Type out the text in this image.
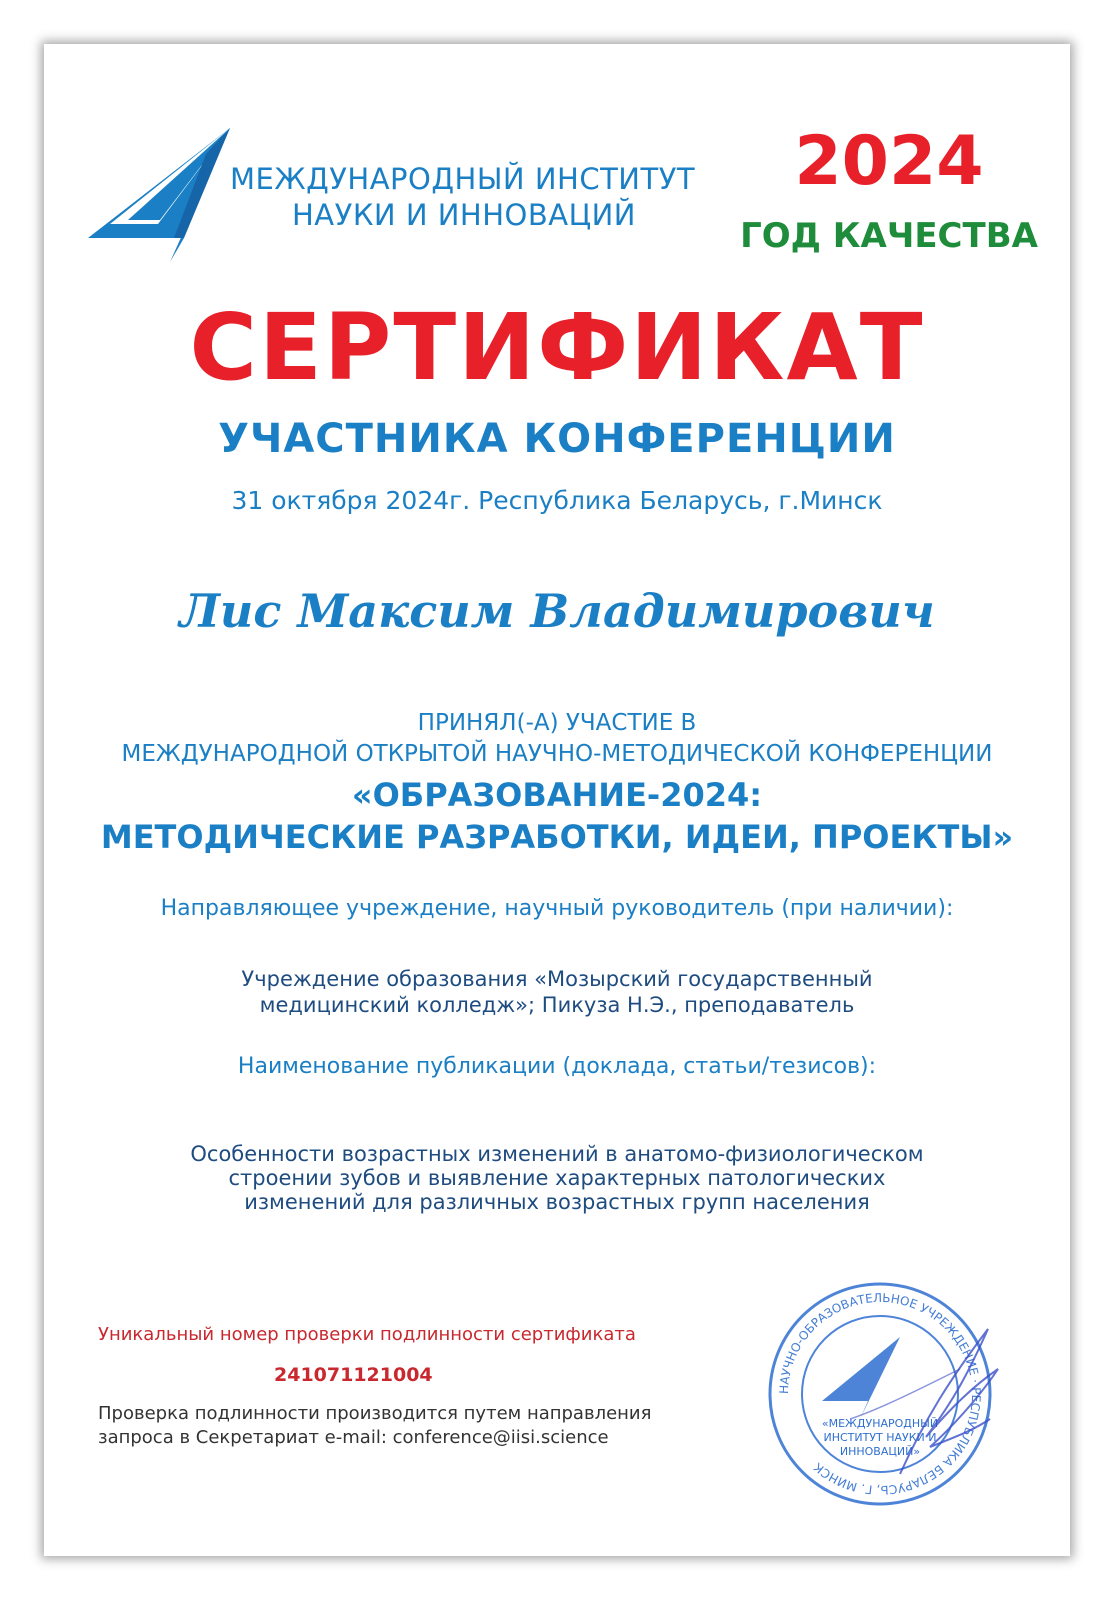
МЕЖДУНАРОДНЫЙ ИНСТИТУТ
НАУКИ И ИННОВАЦИЙ
2024
ГОД КАЧЕСТВА
СЕРТИФИКАТ
УЧАСТНИКА КОНФЕРЕНЦИИ
31 октября 2024г. Республика Беларусь, г.Минск
Лис Максим Владимирович
ПРИНЯЛ(-А) УЧАСТИЕ В
МЕЖДУНАРОДНОЙ ОТКРЫТОЙ НАУЧНО-МЕТОДИЧЕСКОЙ КОНФЕРЕНЦИИ
«ОБРАЗОВАНИЕ-2024:
МЕТОДИЧЕСКИЕ РАЗРАБОТКИ, ИДЕИ, ПРОЕКТЫ»
Направляющее учреждение, научный руководитель (при наличии):
Учреждение образования «Мозырский государственный
медицинский колледж»; Пикуза Н.Э., преподаватель
Наименование публикации (доклада, статьи/тезисов):
Особенности возрастных изменений в анатомо-физиологическом
строении зубов и выявление характерных патологических
изменений для различных возрастных групп населения
Уникальный номер проверки подлинности сертификата
241071121004
Проверка подлинности производится путем направления
запроса в Секретариат e-mail: conference@iisi.science
НАУЧНО-ОБРАЗОВАТЕЛЬНОЕ УЧРЕЖДЕНИЕ · РЕСПУБЛИКА БЕЛАРУСЬ, Г. МИНСК
«МЕЖДУНАРОДНЫЙ
ИНСТИТУТ НАУКИ И
ИННОВАЦИЙ»
